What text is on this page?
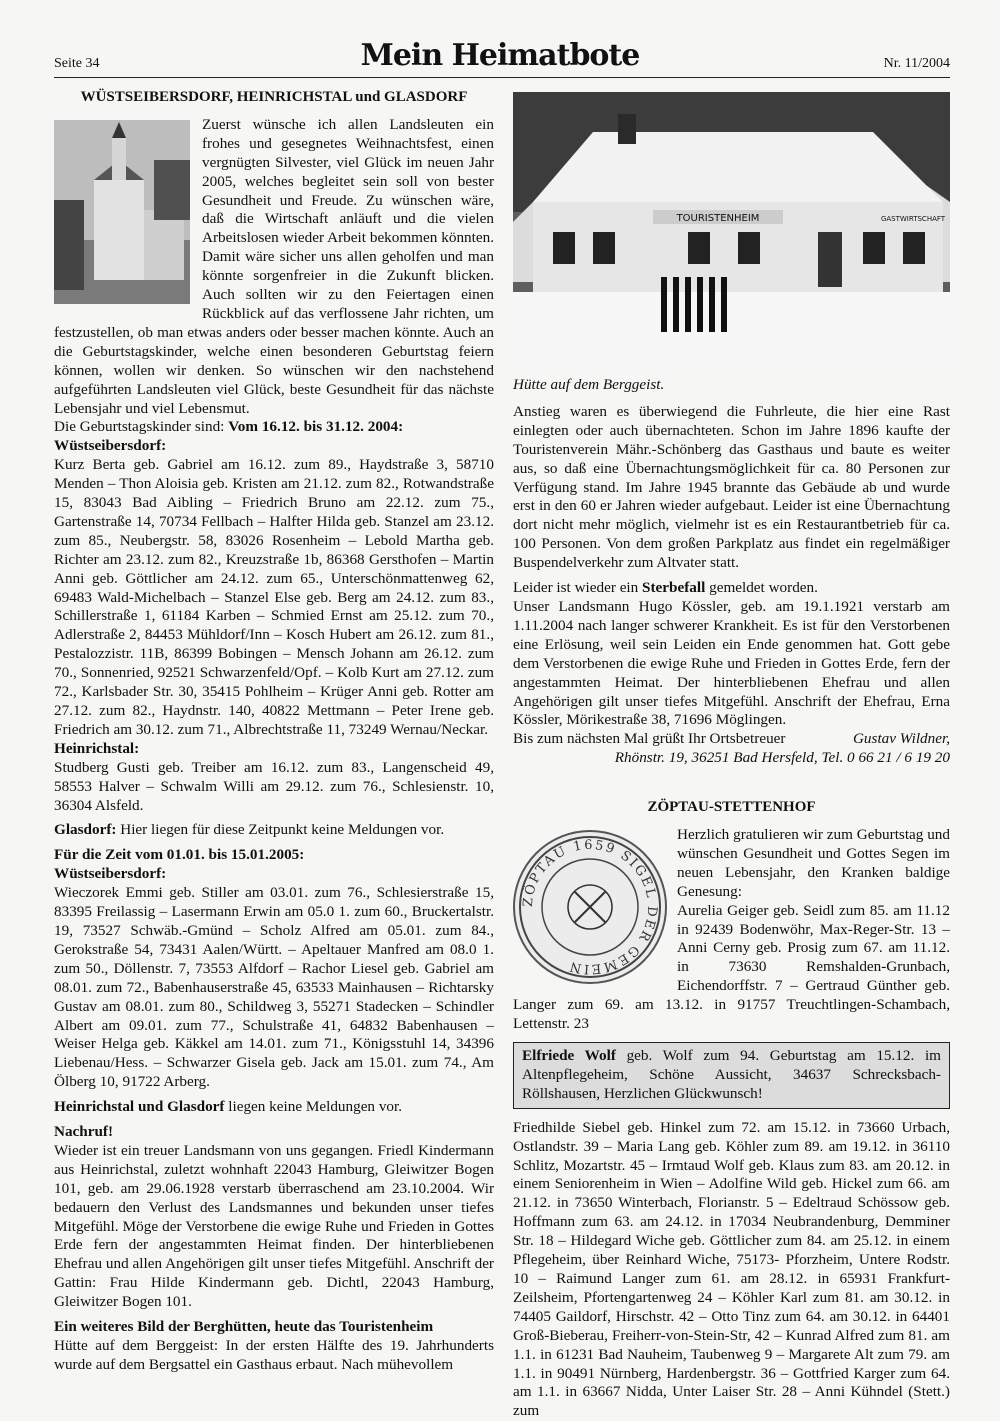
Seite 34	Mein Heimatbote	Nr. 11/2004
WÜSTSEIBERSDORF, HEINRICHSTAL und GLASDORF

Zuerst wünsche ich allen Landsleuten ein frohes und gesegnetes Weihnachtsfest, einen vergnügten Silvester, viel Glück im neuen Jahr 2005, welches begleitet sein soll von bester Gesundheit und Freude. Zu wünschen wäre, daß die Wirtschaft anläuft und die vielen Arbeitslosen wieder Arbeit bekommen könnten. Damit wäre sicher uns allen geholfen und man könnte sorgenfreier in die Zukunft blicken. Auch sollten wir zu den Feiertagen einen Rückblick auf das verflossene Jahr richten, um festzustellen, ob man etwas anders oder besser machen könnte. Auch an die Geburtstagskinder, welche einen besonderen Geburtstag feiern können, wollen wir denken. So wünschen wir den nachstehend aufgeführten Landsleuten viel Glück, beste Gesundheit für das nächste Lebensjahr und viel Lebensmut.

Die Geburtstagskinder sind: Vom 16.12. bis 31.12. 2004:

Wüstseibersdorf:

Kurz Berta geb. Gabriel am 16.12. zum 89., Haydstraße 3, 58710 Menden – Thon Aloisia geb. Kristen am 21.12. zum 82., Rotwandstraße 15, 83043 Bad Aibling – Friedrich Bruno am 22.12. zum 75., Gartenstraße 14, 70734 Fellbach – Halfter Hilda geb. Stanzel am 23.12. zum 85., Neubergstr. 58, 83026 Rosenheim – Lebold Martha geb. Richter am 23.12. zum 82., Kreuzstraße 1b, 86368 Gersthofen – Martin Anni geb. Göttlicher am 24.12. zum 65., Unterschönmattenweg 62, 69483 Wald-Michelbach – Stanzel Else geb. Berg am 24.12. zum 83., Schillerstraße 1, 61184 Karben – Schmied Ernst am 25.12. zum 70., Adlerstraße 2, 84453 Mühldorf/Inn – Kosch Hubert am 26.12. zum 81., Pestalozzistr. 11B, 86399 Bobingen – Mensch Johann am 26.12. zum 70., Sonnenried, 92521 Schwarzenfeld/Opf. – Kolb Kurt am 27.12. zum 72., Karlsbader Str. 30, 35415 Pohlheim – Krüger Anni geb. Rotter am 27.12. zum 82., Haydnstr. 140, 40822 Mettmann – Peter Irene geb. Friedrich am 30.12. zum 71., Albrechtstraße 11, 73249 Wernau/Neckar.

Heinrichstal:

Studberg Gusti geb. Treiber am 16.12. zum 83., Langenscheid 49, 58553 Halver – Schwalm Willi am 29.12. zum 76., Schlesienstr. 10, 36304 Alsfeld.

Glasdorf: Hier liegen für diese Zeitpunkt keine Meldungen vor.

Für die Zeit vom 01.01. bis 15.01.2005:

Wüstseibersdorf:

Wieczorek Emmi geb. Stiller am 03.01. zum 76., Schlesierstraße 15, 83395 Freilassig – Lasermann Erwin am 05.0 1. zum 60., Bruckertalstr. 19, 73527 Schwäb.-Gmünd – Scholz Alfred am 05.01. zum 84., Gerokstraße 54, 73431 Aalen/Württ. – Apeltauer Manfred am 08.0 1. zum 50., Döllenstr. 7, 73553 Alfdorf – Rachor Liesel geb. Gabriel am 08.01. zum 72., Babenhauserstraße 45, 63533 Mainhausen – Richtarsky Gustav am 08.01. zum 80., Schildweg 3, 55271 Stadecken – Schindler Albert am 09.01. zum 77., Schulstraße 41, 64832 Babenhausen – Weiser Helga geb. Käkkel am 14.01. zum 71., Königsstuhl 14, 34396 Liebenau/Hess. – Schwarzer Gisela geb. Jack am 15.01. zum 74., Am Ölberg 10, 91722 Arberg.

Heinrichstal und Glasdorf liegen keine Meldungen vor.

Nachruf!

Wieder ist ein treuer Landsmann von uns gegangen. Friedl Kindermann aus Heinrichstal, zuletzt wohnhaft 22043 Hamburg, Gleiwitzer Bogen 101, geb. am 29.06.1928 verstarb überraschend am 23.10.2004. Wir bedauern den Verlust des Landsmannes und bekunden unser tiefes Mitgefühl. Möge der Verstorbene die ewige Ruhe und Frieden in Gottes Erde fern der angestammten Heimat finden. Der hinterbliebenen Ehefrau und allen Angehörigen gilt unser tiefes Mitgefühl. Anschrift der Gattin: Frau Hilde Kindermann geb. Dichtl, 22043 Hamburg, Gleiwitzer Bogen 101.

Ein weiteres Bild der Berghütten, heute das Touristenheim

Hütte auf dem Berggeist: In der ersten Hälfte des 19. Jahrhunderts wurde auf dem Bergsattel ein Gasthaus erbaut. Nach mühevollem

TOURISTENHEIM	GASTWIRTSCHAFT

Hütte auf dem Berggeist.

Anstieg waren es überwiegend die Fuhrleute, die hier eine Rast einlegten oder auch übernachteten. Schon im Jahre 1896 kaufte der Touristenverein Mähr.-Schönberg das Gasthaus und baute es weiter aus, so daß eine Übernachtungsmöglichkeit für ca. 80 Personen zur Verfügung stand. Im Jahre 1945 brannte das Gebäude ab und wurde erst in den 60 er Jahren wieder aufgebaut. Leider ist eine Übernachtung dort nicht mehr möglich, vielmehr ist es ein Restaurantbetrieb für ca. 100 Personen. Von dem großen Parkplatz aus findet ein regelmäßiger Buspendelverkehr zum Altvater statt.

Leider ist wieder ein Sterbefall gemeldet worden.

Unser Landsmann Hugo Kössler, geb. am 19.1.1921 verstarb am 1.11.2004 nach langer schwerer Krankheit. Es ist für den Verstorbenen eine Erlösung, weil sein Leiden ein Ende genommen hat. Gott gebe dem Verstorbenen die ewige Ruhe und Frieden in Gottes Erde, fern der angestammten Heimat. Der hinterbliebenen Ehefrau und allen Angehörigen gilt unser tiefes Mitgefühl. Anschrift der Ehefrau, Erna Kössler, Mörikestraße 38, 71696 Möglingen.

Bis zum nächsten Mal grüßt Ihr Ortsbetreuer	Gustav Wildner,

Rhönstr. 19, 36251 Bad Hersfeld, Tel. 0 66 21 / 6 19 20

ZÖPTAU-STETTENHOF
ZÖPTAU 1659 SIGEL DER GEMEIN

Herzlich gratulieren wir zum Geburtstag und wünschen Gesundheit und Gottes Segen im neuen Lebensjahr, den Kranken baldige Genesung:

Aurelia Geiger geb. Seidl zum 85. am 11.12 in 92439 Bodenwöhr, Max-Reger-Str. 13 – Anni Cerny geb. Prosig zum 67. am 11.12. in 73630 Remshalden-Grunbach, Eichendorffstr. 7 – Gertraud Günther geb. Langer zum 69. am 13.12. in 91757 Treuchtlingen-Schambach, Lettenstr. 23

Elfriede Wolf geb. Wolf zum 94. Geburtstag am 15.12. im Altenpflegeheim, Schöne Aussicht, 34637 Schrecksbach-Röllshausen, Herzlichen Glückwunsch!

Friedhilde Siebel geb. Hinkel zum 72. am 15.12. in 73660 Urbach, Ostlandstr. 39 – Maria Lang geb. Köhler zum 89. am 19.12. in 36110 Schlitz, Mozartstr. 45 – Irmtaud Wolf geb. Klaus zum 83. am 20.12. in einem Seniorenheim in Wien – Adolfine Wild geb. Hickel zum 66. am 21.12. in 73650 Winterbach, Florianstr. 5 – Edeltraud Schössow geb. Hoffmann zum 63. am 24.12. in 17034 Neubrandenburg, Demminer Str. 18 – Hildegard Wiche geb. Göttlicher zum 84. am 25.12. in einem Pflegeheim, über Reinhard Wiche, 75173- Pforzheim, Untere Rodstr. 10 – Raimund Langer zum 61. am 28.12. in 65931 Frankfurt-Zeilsheim, Pfortengartenweg 24 – Köhler Karl zum 81. am 30.12. in 74405 Gaildorf, Hirschstr. 42 – Otto Tinz zum 64. am 30.12. in 64401 Groß-Bieberau, Freiherr-von-Stein-Str, 42 – Kunrad Alfred zum 81. am 1.1. in 61231 Bad Nauheim, Taubenweg 9 – Margarete Alt zum 79. am 1.1. in 90491 Nürnberg, Hardenbergstr. 36 – Gottfried Karger zum 64. am 1.1. in 63667 Nidda, Unter Laiser Str. 28 – Anni Kühndel (Stett.) zum
